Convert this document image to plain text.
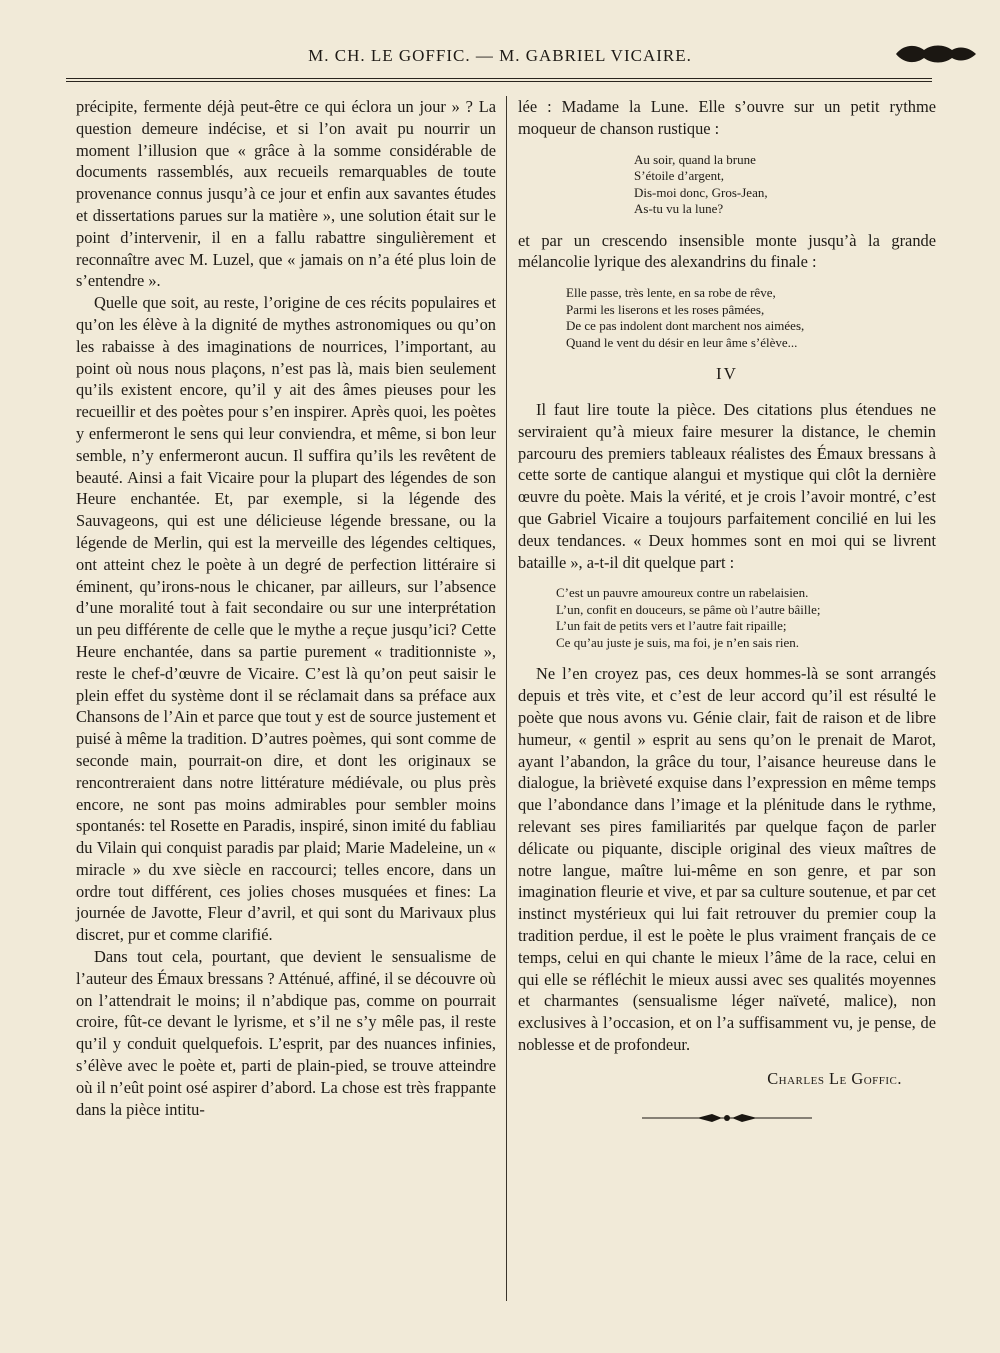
M. CH. LE GOFFIC. — M. GABRIEL VICAIRE.

précipite, fermente déjà peut-être ce qui éclora un jour » ? La question demeure indécise, et si l’on avait pu nourrir un moment l’illusion que « grâce à la somme considérable de documents rassemblés, aux recueils remarquables de toute provenance connus jusqu’à ce jour et enfin aux savantes études et dissertations parues sur la matière », une solution était sur le point d’intervenir, il en a fallu rabattre singulièrement et reconnaître avec M. Luzel, que « jamais on n’a été plus loin de s’entendre ».

Quelle que soit, au reste, l’origine de ces récits populaires et qu’on les élève à la dignité de mythes astronomiques ou qu’on les rabaisse à des imaginations de nourrices, l’important, au point où nous nous plaçons, n’est pas là, mais bien seulement qu’ils existent encore, qu’il y ait des âmes pieuses pour les recueillir et des poètes pour s’en inspirer. Après quoi, les poètes y enfermeront le sens qui leur conviendra, et même, si bon leur semble, n’y enfermeront aucun. Il suffira qu’ils les revêtent de beauté. Ainsi a fait Vicaire pour la plupart des légendes de son Heure enchantée. Et, par exemple, si la légende des Sauvageons, qui est une délicieuse légende bressane, ou la légende de Merlin, qui est la merveille des légendes celtiques, ont atteint chez le poète à un degré de perfection littéraire si éminent, qu’irons-nous le chicaner, par ailleurs, sur l’absence d’une moralité tout à fait secondaire ou sur une interprétation un peu différente de celle que le mythe a reçue jusqu’ici? Cette Heure enchantée, dans sa partie purement « traditionniste », reste le chef-d’œuvre de Vicaire. C’est là qu’on peut saisir le plein effet du système dont il se réclamait dans sa préface aux Chansons de l’Ain et parce que tout y est de source justement et puisé à même la tradition. D’autres poèmes, qui sont comme de seconde main, pourrait-on dire, et dont les originaux se rencontreraient dans notre littérature médiévale, ou plus près encore, ne sont pas moins admirables pour sembler moins spontanés: tel Rosette en Paradis, inspiré, sinon imité du fabliau du Vilain qui conquist paradis par plaid; Marie Madeleine, un « miracle » du xve siècle en raccourci; telles encore, dans un ordre tout différent, ces jolies choses musquées et fines: La journée de Javotte, Fleur d’avril, et qui sont du Marivaux plus discret, pur et comme clarifié.

Dans tout cela, pourtant, que devient le sensualisme de l’auteur des Émaux bressans ? Atténué, affiné, il se découvre où on l’attendrait le moins; il n’abdique pas, comme on pourrait croire, fût-ce devant le lyrisme, et s’il ne s’y mêle pas, il reste qu’il y conduit quelquefois. L’esprit, par des nuances infinies, s’élève avec le poète et, parti de plain-pied, se trouve atteindre où il n’eût point osé aspirer d’abord. La chose est très frappante dans la pièce intitu-

lée : Madame la Lune. Elle s’ouvre sur un petit rythme moqueur de chanson rustique :

Au soir, quand la brune
S’étoile d’argent,
Dis-moi donc, Gros-Jean,
As-tu vu la lune?

et par un crescendo insensible monte jusqu’à la grande mélancolie lyrique des alexandrins du finale :

Elle passe, très lente, en sa robe de rêve,
Parmi les liserons et les roses pâmées,
De ce pas indolent dont marchent nos aimées,
Quand le vent du désir en leur âme s’élève...
IV

Il faut lire toute la pièce. Des citations plus étendues ne serviraient qu’à mieux faire mesurer la distance, le chemin parcouru des premiers tableaux réalistes des Émaux bressans à cette sorte de cantique alangui et mystique qui clôt la dernière œuvre du poète. Mais la vérité, et je crois l’avoir montré, c’est que Gabriel Vicaire a toujours parfaitement concilié en lui les deux tendances. « Deux hommes sont en moi qui se livrent bataille », a-t-il dit quelque part :

C’est un pauvre amoureux contre un rabelaisien.
L’un, confit en douceurs, se pâme où l’autre bâille;
L’un fait de petits vers et l’autre fait ripaille;
Ce qu’au juste je suis, ma foi, je n’en sais rien.

Ne l’en croyez pas, ces deux hommes-là se sont arrangés depuis et très vite, et c’est de leur accord qu’il est résulté le poète que nous avons vu. Génie clair, fait de raison et de libre humeur, « gentil » esprit au sens qu’on le prenait de Marot, ayant l’abandon, la grâce du tour, l’aisance heureuse dans le dialogue, la brièveté exquise dans l’expression en même temps que l’abondance dans l’image et la plénitude dans le rythme, relevant ses pires familiarités par quelque façon de parler délicate ou piquante, disciple original des vieux maîtres de notre langue, maître lui-même en son genre, et par son imagination fleurie et vive, et par sa culture soutenue, et par cet instinct mystérieux qui lui fait retrouver du premier coup la tradition perdue, il est le poète le plus vraiment français de ce temps, celui en qui chante le mieux l’âme de la race, celui en qui elle se réfléchit le mieux aussi avec ses qualités moyennes et charmantes (sensualisme léger naïveté, malice), non exclusives à l’occasion, et on l’a suffisamment vu, je pense, de noblesse et de profondeur.

Charles Le Goffic.
